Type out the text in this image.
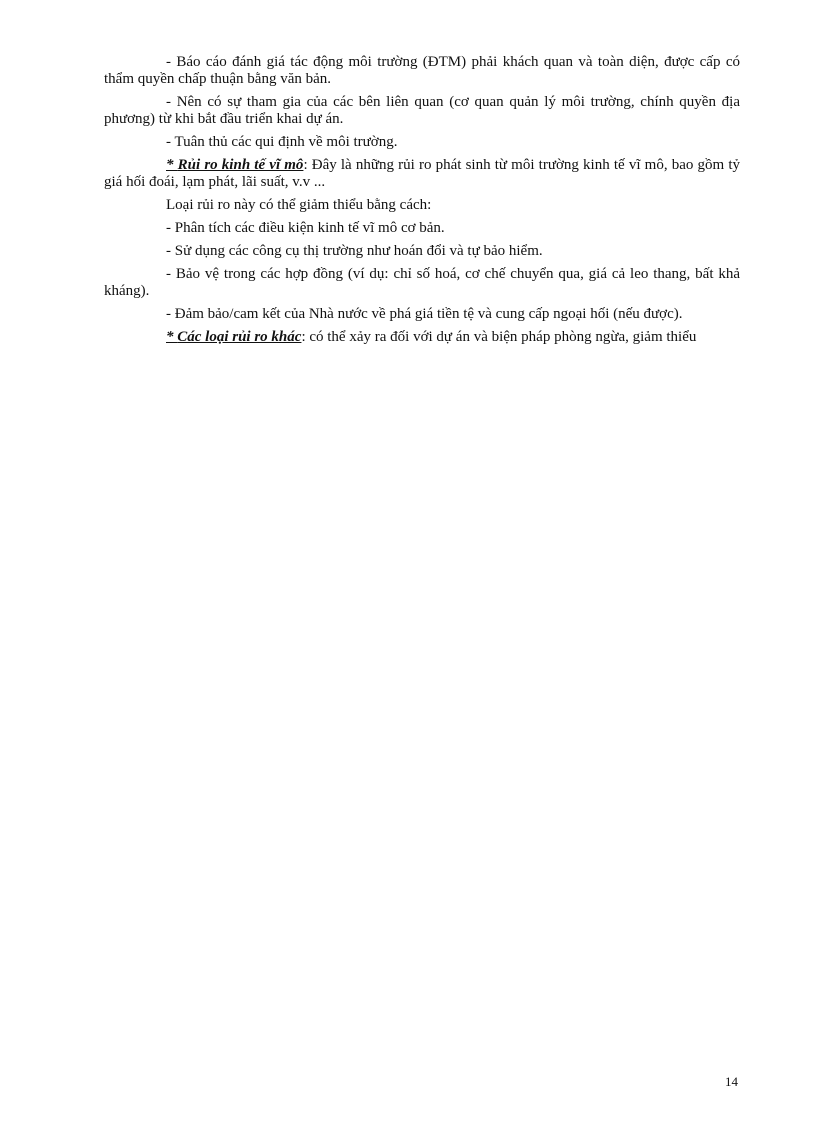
- Báo cáo đánh giá tác động môi trường (ĐTM) phải khách quan và toàn diện, được cấp có thẩm quyền chấp thuận bằng văn bản.

- Nên có sự tham gia của các bên liên quan (cơ quan quản lý môi trường, chính quyền địa phương) từ khi bắt đầu triển khai dự án.

- Tuân thủ các qui định về môi trường.

* Rủi ro kinh tế vĩ mô: Đây là những rủi ro phát sinh từ môi trường kinh tế vĩ mô, bao gồm tỷ giá hối đoái, lạm phát, lãi suất, v.v ...

Loại rủi ro này có thể giảm thiểu bằng cách:

- Phân tích các điều kiện kinh tế vĩ mô cơ bản.

- Sử dụng các công cụ thị trường như hoán đổi và tự bảo hiểm.

- Bảo vệ trong các hợp đồng (ví dụ: chỉ số hoá, cơ chế chuyển qua, giá cả leo thang, bất khả kháng).

- Đảm bảo/cam kết của Nhà nước về phá giá tiền tệ và cung cấp ngoại hối (nếu được).

* Các loại rủi ro khác: có thể xảy ra đối với dự án và biện pháp phòng ngừa, giảm thiểu

14
